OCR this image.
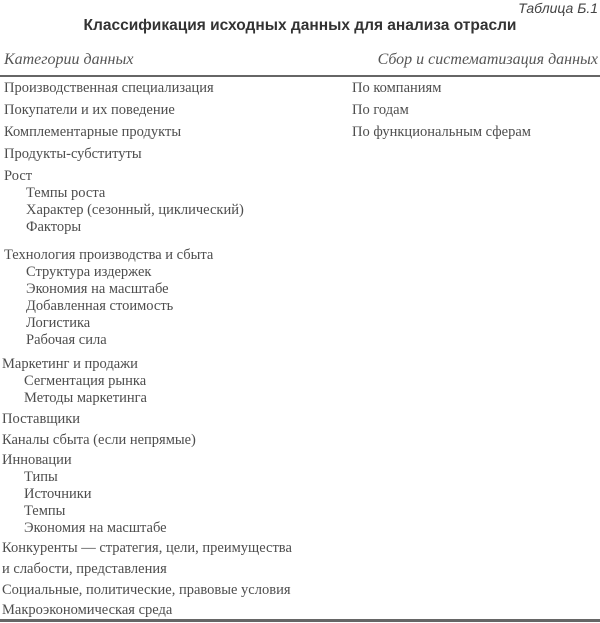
Таблица Б.1
Классификация исходных данных для анализа отрасли
Категории данных	Сбор и систематизация данных
По компаниям
По годам
По функциональным сферам
Производственная специализация
Покупатели и их поведение
Комплементарные продукты
Продукты-субституты
Рост
Темпы роста
Характер (сезонный, циклический)
Факторы
Технология производства и сбыта
Структура издержек
Экономия на масштабе
Добавленная стоимость
Логистика
Рабочая сила
Маркетинг и продажи
Сегментация рынка
Методы маркетинга
Поставщики
Каналы сбыта (если непрямые)
Инновации
Типы
Источники
Темпы
Экономия на масштабе
Конкуренты — стратегия, цели, преимущества
и слабости, представления
Социальные, политические, правовые условия
Макроэкономическая среда
